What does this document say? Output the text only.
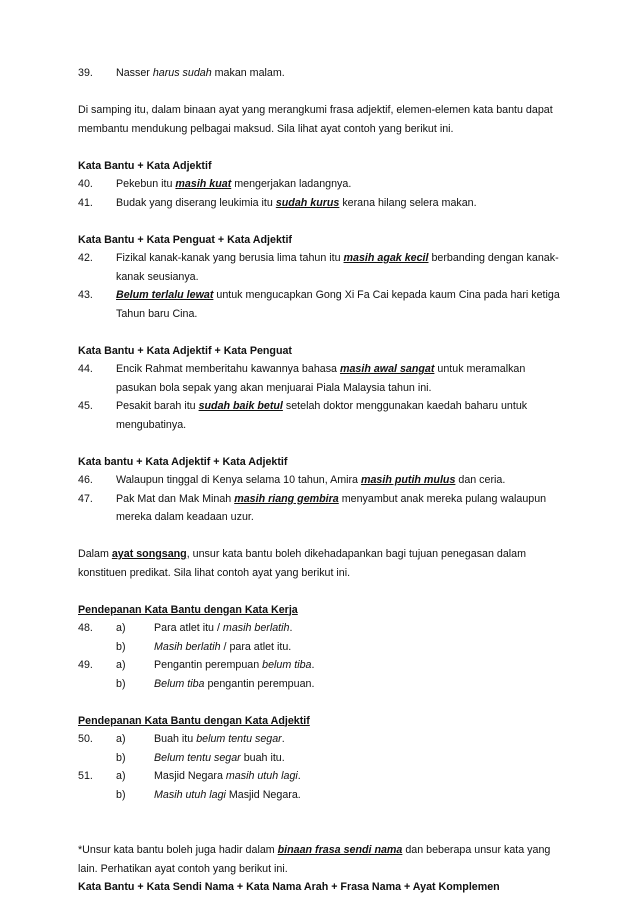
39.	Nasser harus sudah makan malam.

Di samping itu, dalam binaan ayat yang merangkumi frasa adjektif, elemen-elemen kata bantu dapat membantu mendukung pelbagai maksud. Sila lihat ayat contoh yang berikut ini.

Kata Bantu + Kata Adjektif

40.	Pekebun itu masih kuat mengerjakan ladangnya.
41.	Budak yang diserang leukimia itu sudah kurus kerana hilang selera makan.

Kata Bantu + Kata Penguat + Kata Adjektif

42.	Fizikal kanak-kanak yang berusia lima tahun itu masih agak kecil berbanding dengan kanak-kanak seusianya.
43.	Belum terlalu lewat untuk mengucapkan Gong Xi Fa Cai kepada kaum Cina pada hari ketiga Tahun baru Cina.

Kata Bantu + Kata Adjektif + Kata Penguat

44.	Encik Rahmat memberitahu kawannya bahasa masih awal sangat untuk meramalkan pasukan bola sepak yang akan menjuarai Piala Malaysia tahun ini.
45.	Pesakit barah itu sudah baik betul setelah doktor menggunakan kaedah baharu untuk mengubatinya.

Kata bantu + Kata Adjektif + Kata Adjektif

46.	Walaupun tinggal di Kenya selama 10 tahun, Amira masih putih mulus dan ceria.
47.	Pak Mat dan Mak Minah masih riang gembira menyambut anak mereka pulang walaupun mereka dalam keadaan uzur.

Dalam ayat songsang, unsur kata bantu boleh dikehadapankan bagi tujuan penegasan dalam konstituen predikat. Sila lihat contoh ayat yang berikut ini.

Pendepanan Kata Bantu dengan Kata Kerja

48.	a)	Para atlet itu / masih berlatih.
b)	Masih berlatih / para atlet itu.
49.	a)	Pengantin perempuan belum tiba.
b)	Belum tiba pengantin perempuan.

Pendepanan Kata Bantu dengan Kata Adjektif

50.	a)	Buah itu belum tentu segar.
b)	Belum tentu segar buah itu.
51.	a)	Masjid Negara masih utuh lagi.
b)	Masih utuh lagi Masjid Negara.

*Unsur kata bantu boleh juga hadir dalam binaan frasa sendi nama dan beberapa unsur kata yang lain. Perhatikan ayat contoh yang berikut ini.

Kata Bantu + Kata Sendi Nama + Kata Nama Arah + Frasa Nama + Ayat Komplemen
